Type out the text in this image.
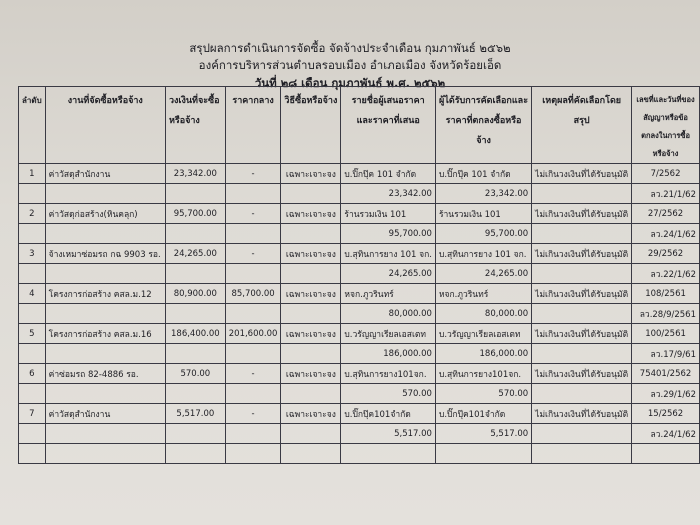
สรุปผลการดำเนินการจัดซื้อ จัดจ้างประจำเดือน กุมภาพันธ์ ๒๕๖๒
องค์การบริหารส่วนตำบลรอบเมือง อำเภอเมือง จังหวัดร้อยเอ็ด
วันที่ ๒๘ เดือน กุมภาพันธ์ พ.ศ. ๒๕๖๒
ลำดับ	งานที่จัดซื้อหรือจ้าง	วงเงินที่จะซื้อหรือจ้าง	ราคากลาง	วิธีซื้อหรือจ้าง	รายชื่อผู้เสนอราคาและราคาที่เสนอ	ผู้ได้รับการคัดเลือกและราคาที่ตกลงซื้อหรือจ้าง	เหตุผลที่คัดเลือกโดยสรุป	เลขที่และวันที่ของสัญญาหรือข้อตกลงในการซื้อหรือจ้าง
1	ค่าวัสดุสำนักงาน	23,342.00	-	เฉพาะเจาะจง	บ.ปิ๊กปุ๊ค 101 จำกัด	บ.ปิ๊กปุ๊ค 101 จำกัด	ไม่เกินวงเงินที่ได้รับอนุมัติ	7/2562
					23,342.00	23,342.00		ลว.21/1/62
2	ค่าวัสดุก่อสร้าง(หินคลุก)	95,700.00	-	เฉพาะเจาะจง	ร้านรวมเงิน 101	ร้านรวมเงิน 101	ไม่เกินวงเงินที่ได้รับอนุมัติ	27/2562
					95,700.00	95,700.00		ลว.24/1/62
3	จ้างเหมาซ่อมรถ กฉ 9903 รอ.	24,265.00	-	เฉพาะเจาะจง	บ.สุทินการยาง 101 จก.	บ.สุทินการยาง 101 จก.	ไม่เกินวงเงินที่ได้รับอนุมัติ	29/2562
					24,265.00	24,265.00		ลว.22/1/62
4	โครงการก่อสร้าง คสล.ม.12	80,900.00	85,700.00	เฉพาะเจาะจง	หจก.ภูวรินทร์	หจก.ภูวรินทร์	ไม่เกินวงเงินที่ได้รับอนุมัติ	108/2561
					80,000.00	80,000.00		ลว.28/9/2561
5	โครงการก่อสร้าง คสล.ม.16	186,400.00	201,600.00	เฉพาะเจาะจง	บ.วรัญญาเรียลเอสเตท	บ.วรัญญาเรียลเอสเตท	ไม่เกินวงเงินที่ได้รับอนุมัติ	100/2561
					186,000.00	186,000.00		ลว.17/9/61
6	ค่าซ่อมรถ 82-4886 รอ.	570.00	-	เฉพาะเจาะจง	บ.สุทินการยาง101จก.	บ.สุทินการยาง101จก.	ไม่เกินวงเงินที่ได้รับอนุมัติ	75401/2562
					570.00	570.00		ลว.29/1/62
7	ค่าวัสดุสำนักงาน	5,517.00	-	เฉพาะเจาะจง	บ.ปิ๊กปุ๊ค101จำกัด	บ.ปิ๊กปุ๊ค101จำกัด	ไม่เกินวงเงินที่ได้รับอนุมัติ	15/2562
					5,517.00	5,517.00		ลว.24/1/62
